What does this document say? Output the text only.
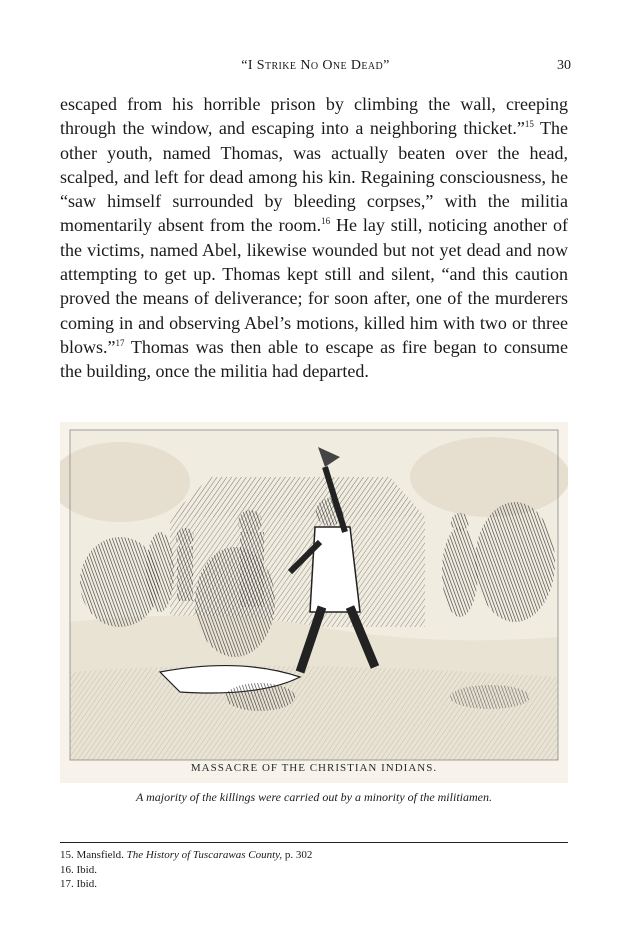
“I Strike No One Dead”	30

escaped from his horrible prison by climbing the wall, creeping through the window, and escaping into a neighboring thicket.”$^{15}$ The other youth, named Thomas, was actually beaten over the head, scalped, and left for dead among his kin. Regaining consciousness, he “saw himself surrounded by bleeding corpses,” with the militia momentarily absent from the room.$^{16}$ He lay still, noticing another of the victims, named Abel, likewise wounded but not yet dead and now attempting to get up. Thomas kept still and silent, “and this caution proved the means of deliverance; for soon after, one of the murderers coming in and observing Abel’s motions, killed him with two or three blows.”$^{17}$ Thomas was then able to escape as fire began to consume the building, once the militia had departed.

MASSACRE OF THE CHRISTIAN INDIANS.
A majority of the killings were carried out by a minority of the militiamen.
15. Mansfield. The History of Tuscarawas County, p. 302
16. Ibid.
17. Ibid.
